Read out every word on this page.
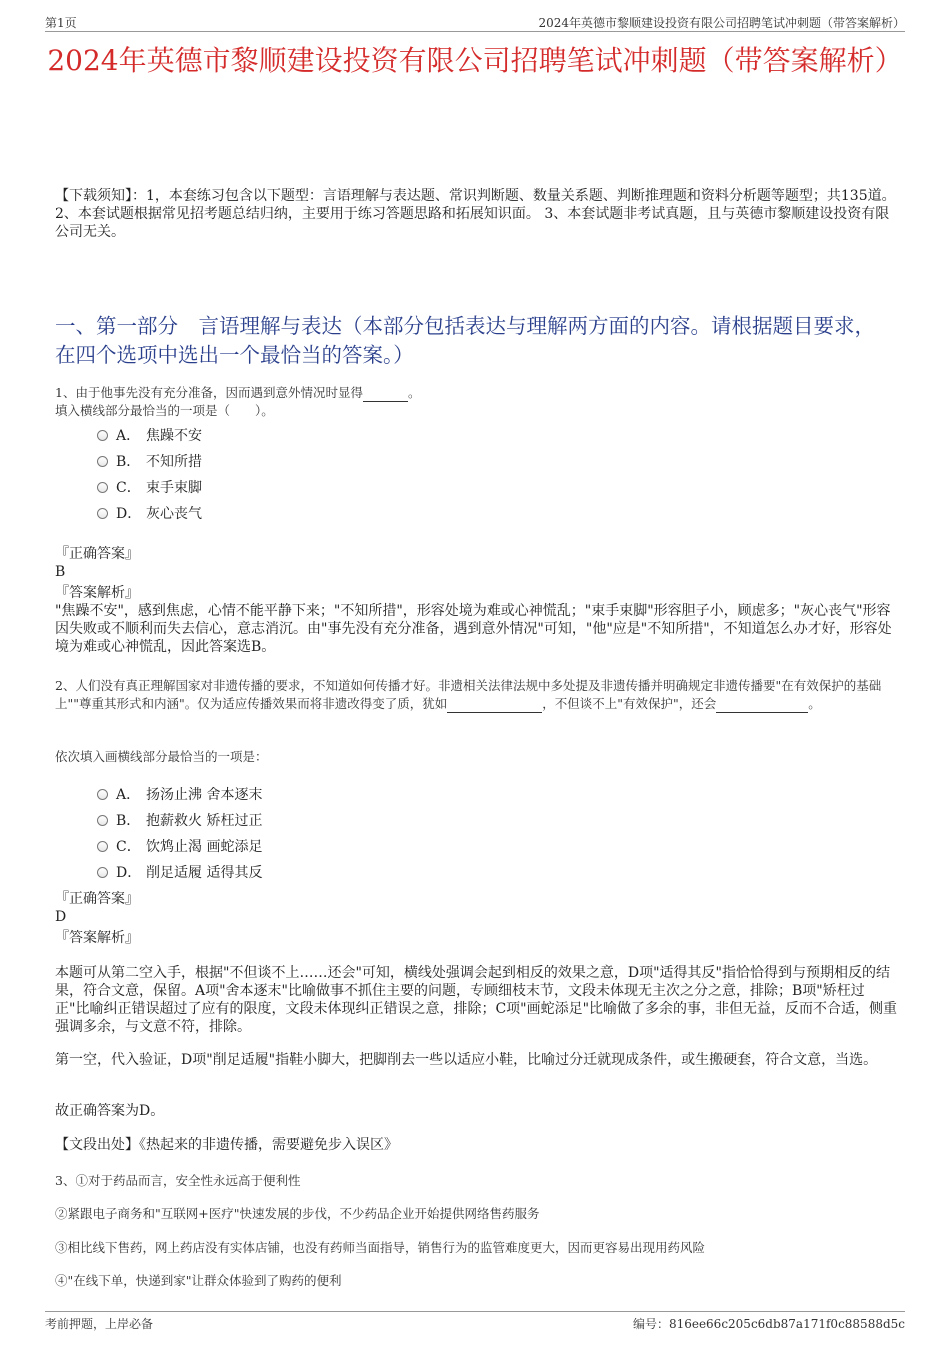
第1页	2024年英德市黎顺建设投资有限公司招聘笔试冲刺题（带答案解析）
2024年英德市黎顺建设投资有限公司招聘笔试冲刺题（带答案解析）
【下载须知】：1，本套练习包含以下题型：言语理解与表达题、常识判断题、数量关系题、判断推理题和资料分析题等题型；共135道。 2、本套试题根据常见招考题总结归纳，主要用于练习答题思路和拓展知识面。 3、本套试题非考试真题，且与英德市黎顺建设投资有限公司无关。
一、第一部分　言语理解与表达（本部分包括表达与理解两方面的内容。请根据题目要求，在四个选项中选出一个最恰当的答案。）
1、由于他事先没有充分准备，因而遇到意外情况时显得	。
填入横线部分最恰当的一项是（　　）。
A． 焦躁不安
B． 不知所措
C． 束手束脚
D． 灰心丧气
『正确答案』
B
『答案解析』
"焦躁不安"，感到焦虑，心情不能平静下来；"不知所措"，形容处境为难或心神慌乱；"束手束脚"形容胆子小，顾虑多；"灰心丧气"形容因失败或不顺利而失去信心，意志消沉。由"事先没有充分准备，遇到意外情况"可知，"他"应是"不知所措"，不知道怎么办才好，形容处境为难或心神慌乱，因此答案选B。
2、人们没有真正理解国家对非遗传播的要求，不知道如何传播才好。非遗相关法律法规中多处提及非遗传播并明确规定非遗传播要"在有效保护的基础上""尊重其形式和内涵"。仅为适应传播效果而将非遗改得变了质，犹如	，不但谈不上"有效保护"，还会	。
依次填入画横线部分最恰当的一项是：
A． 扬汤止沸 舍本逐末
B． 抱薪救火 矫枉过正
C． 饮鸩止渴 画蛇添足
D． 削足适履 适得其反
『正确答案』
D
『答案解析』
本题可从第二空入手，根据"不但谈不上……还会"可知，横线处强调会起到相反的效果之意，D项"适得其反"指恰恰得到与预期相反的结果，符合文意，保留。A项"舍本逐末"比喻做事不抓住主要的问题，专顾细枝末节，文段未体现无主次之分之意，排除；B项"矫枉过正"比喻纠正错误超过了应有的限度，文段未体现纠正错误之意，排除；C项"画蛇添足"比喻做了多余的事，非但无益，反而不合适，侧重强调多余，与文意不符，排除。
第一空，代入验证，D项"削足适履"指鞋小脚大，把脚削去一些以适应小鞋，比喻过分迁就现成条件，或生搬硬套，符合文意，当选。
故正确答案为D。
【文段出处】《热起来的非遗传播，需要避免步入误区》
3、①对于药品而言，安全性永远高于便利性
②紧跟电子商务和"互联网+医疗"快速发展的步伐，不少药品企业开始提供网络售药服务
③相比线下售药，网上药店没有实体店铺，也没有药师当面指导，销售行为的监管难度更大，因而更容易出现用药风险
④"在线下单，快递到家"让群众体验到了购药的便利
考前押题，上岸必备	编号：816ee66c205c6db87a171f0c88588d5c
